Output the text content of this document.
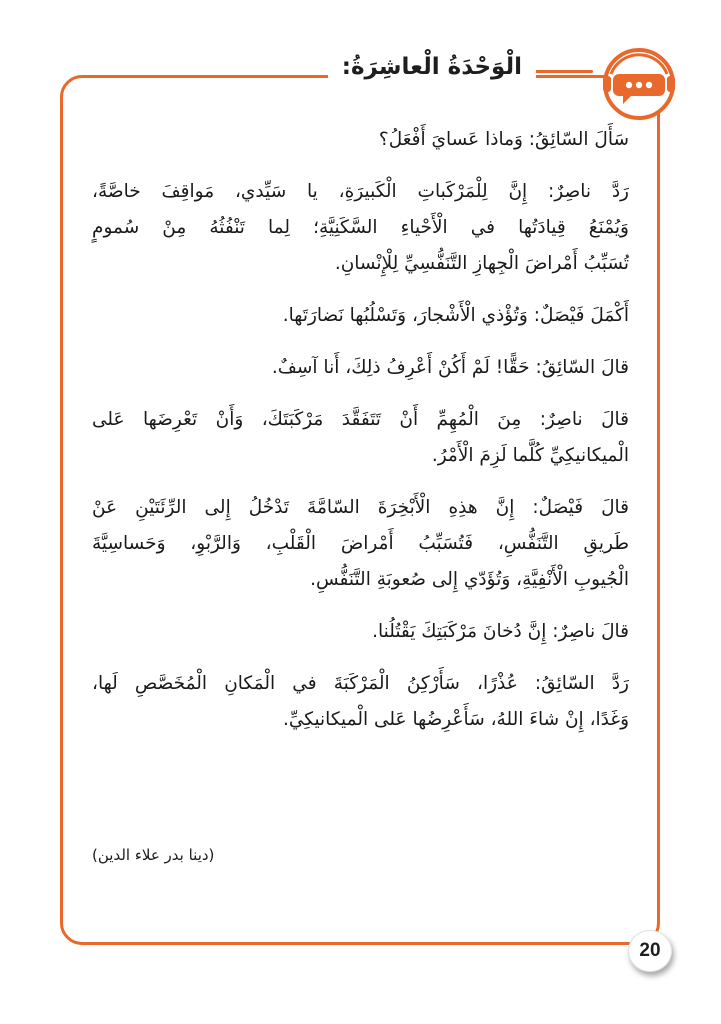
الْوَحْدَةُ الْعاشِرَةُ:

سَأَلَ السّائِقُ: وَماذا عَسايَ أَفْعَلُ؟

رَدَّ ناصِرٌ: إِنَّ لِلْمَرْكَباتِ الْكَبيرَةِ، يا سَيِّدي، مَواقِفَ خاصَّةً،
وَيُمْنَعُ قِيادَتُها في الْأَحْياءِ السَّكَنِيَّةِ؛ لِما تَنْفُثُهُ مِنْ سُمومٍ
تُسَبِّبُ أَمْراضَ الْجِهازِ التَّنَفُّسِيِّ لِلْإِنْسانِ.

أَكْمَلَ فَيْصَلٌ: وَتُؤْذي الْأَشْجارَ، وَتَسْلُبُها نَضارَتَها.

قالَ السّائِقُ: حَقًّا! لَمْ أَكُنْ أَعْرِفُ ذلِكَ، أَنا آسِفٌ.

قالَ ناصِرٌ: مِنَ الْمُهِمِّ أَنْ تَتَفَقَّدَ مَرْكَبَتَكَ، وَأَنْ تَعْرِضَها عَلى
الْميكانيكِيِّ كُلَّما لَزِمَ الْأَمْرُ.

قالَ فَيْصَلٌ: إِنَّ هذِهِ الْأَبْخِرَةَ السّامَّةَ تَدْخُلُ إِلى الرِّئَتَيْنِ عَنْ
طَريقِ التَّنَفُّسِ، فَتُسَبِّبُ أَمْراضَ الْقَلْبِ، وَالرَّبْوِ، وَحَساسِيَّةَ
الْجُيوبِ الْأَنْفِيَّةِ، وَتُؤَدّي إِلى صُعوبَةِ التَّنَفُّسِ.

قالَ ناصِرٌ: إِنَّ دُخانَ مَرْكَبَتِكَ يَقْتُلُنا.

رَدَّ السّائِقُ: عُذْرًا، سَأَرْكِنُ الْمَرْكَبَةَ في الْمَكانِ الْمُخَصَّصِ لَها،
وَغَدًا، إِنْ شاءَ اللهُ، سَأَعْرِضُها عَلى الْميكانيكِيِّ.

(دينا بدر علاء الدين)
20
